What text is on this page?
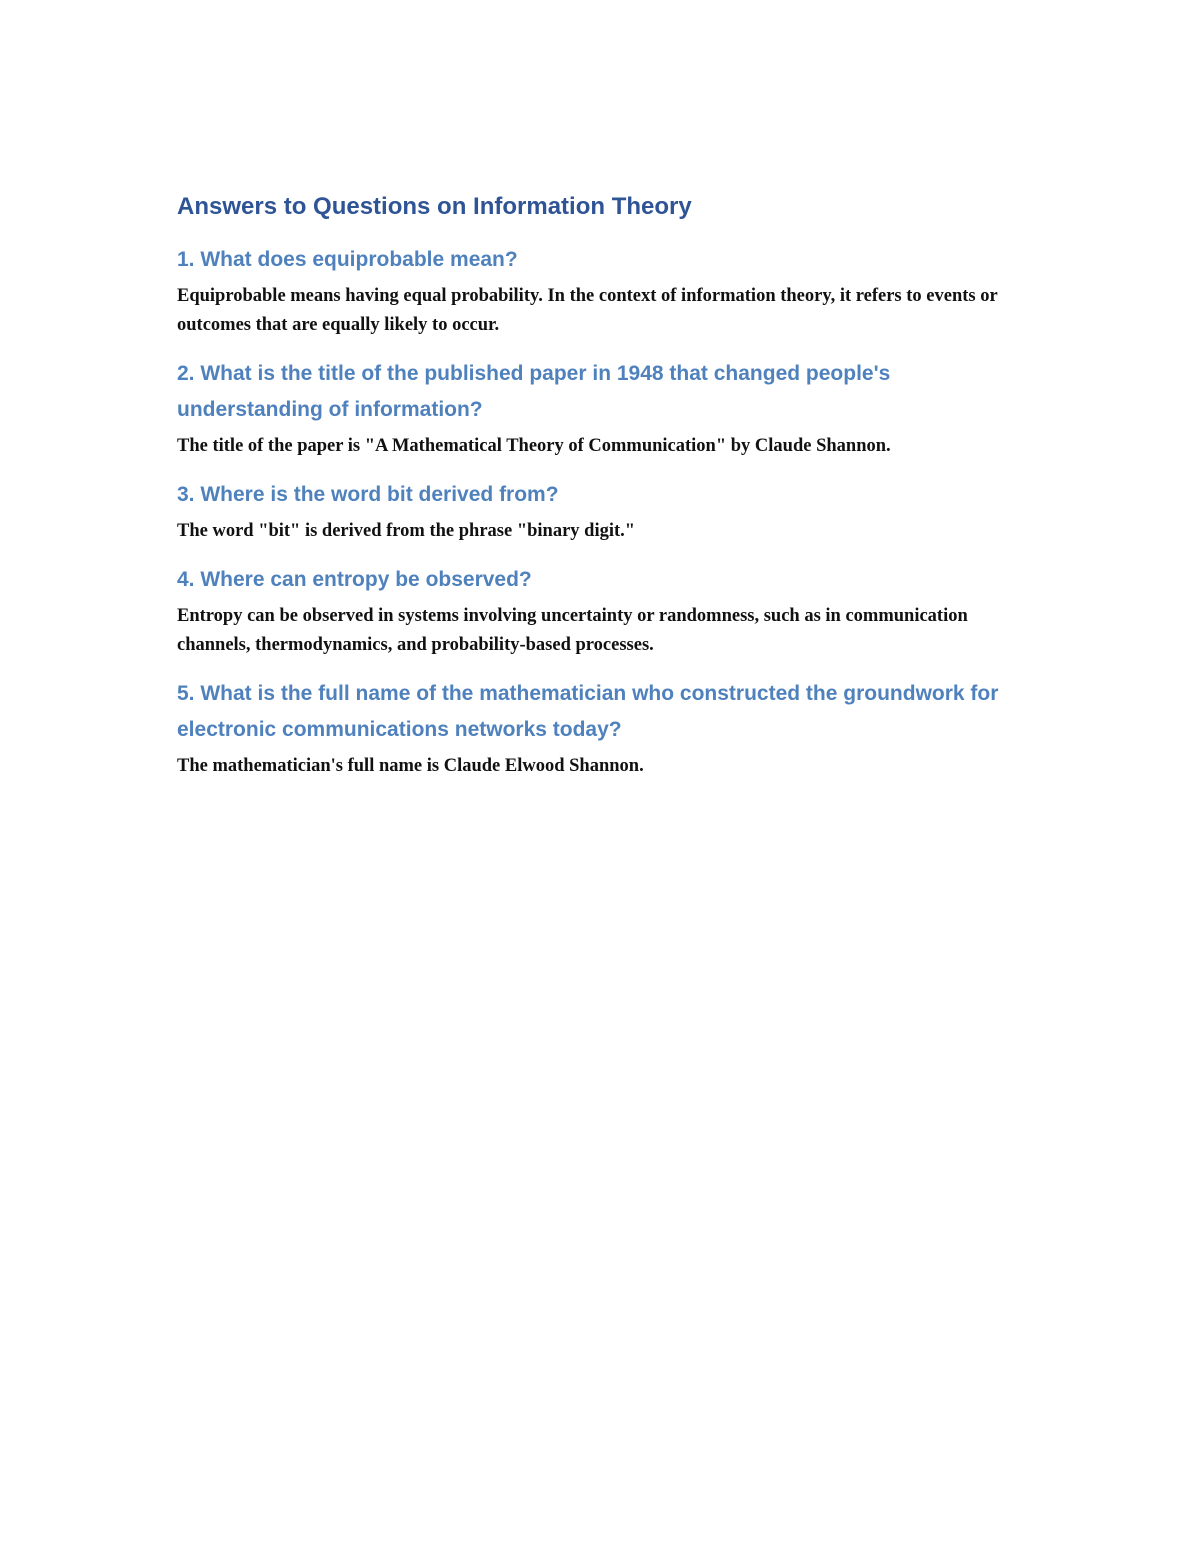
Answers to Questions on Information Theory
1. What does equiprobable mean?

Equiprobable means having equal probability. In the context of information theory, it refers to events or outcomes that are equally likely to occur.

2. What is the title of the published paper in 1948 that changed people's understanding of information?

The title of the paper is "A Mathematical Theory of Communication" by Claude Shannon.

3. Where is the word bit derived from?

The word "bit" is derived from the phrase "binary digit."

4. Where can entropy be observed?

Entropy can be observed in systems involving uncertainty or randomness, such as in communication channels, thermodynamics, and probability-based processes.

5. What is the full name of the mathematician who constructed the groundwork for electronic communications networks today?

The mathematician's full name is Claude Elwood Shannon.
